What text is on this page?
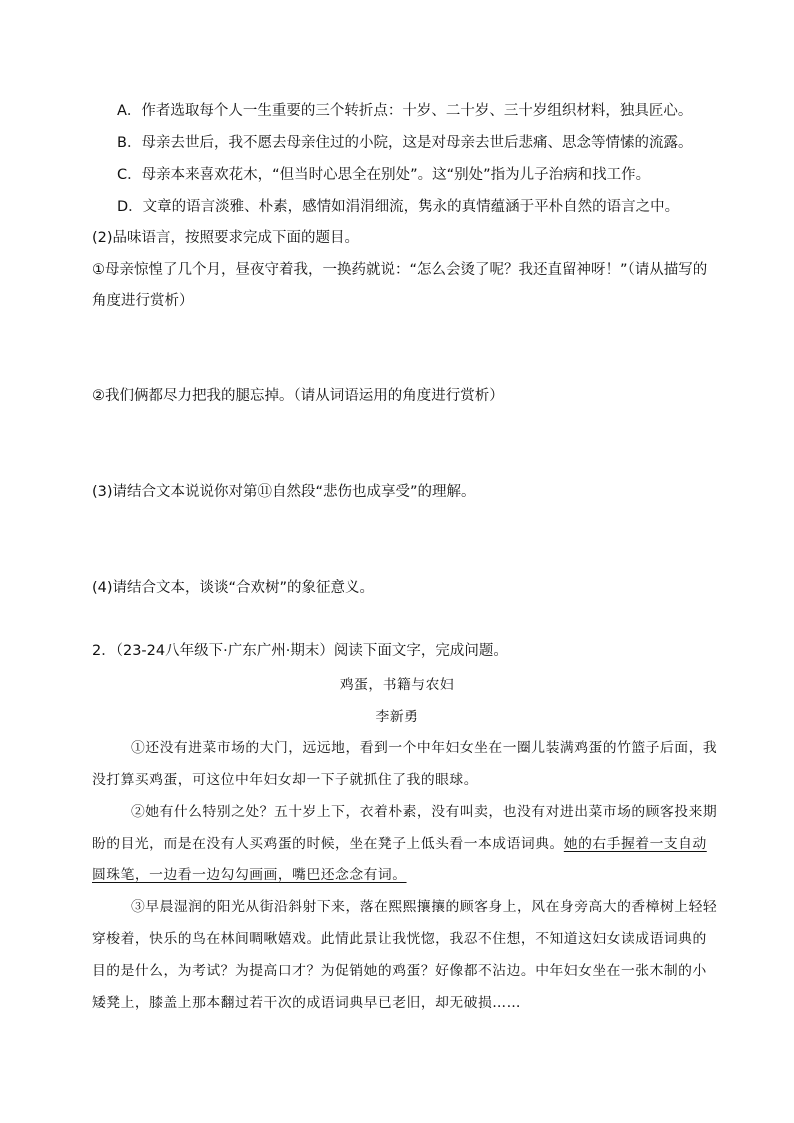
A．作者选取每个人一生重要的三个转折点：十岁、二十岁、三十岁组织材料，独具匠心。
B．母亲去世后，我不愿去母亲住过的小院，这是对母亲去世后悲痛、思念等情愫的流露。
C．母亲本来喜欢花木，“但当时心思全在别处”。这“别处”指为儿子治病和找工作。
D．文章的语言淡雅、朴素，感情如涓涓细流，隽永的真情蕴涵于平朴自然的语言之中。
(2)品味语言，按照要求完成下面的题目。
①母亲惊惶了几个月，昼夜守着我，一换药就说：“怎么会烫了呢？我还直留神呀！”（请从描写的
角度进行赏析）
②我们俩都尽力把我的腿忘掉。（请从词语运用的角度进行赏析）
(3)请结合文本说说你对第⑪自然段“悲伤也成享受”的理解。
(4)请结合文本，谈谈“合欢树”的象征意义。
2．（23-24八年级下·广东广州·期末）阅读下面文字，完成问题。
鸡蛋，书籍与农妇
李新勇
①还没有进菜市场的大门，远远地，看到一个中年妇女坐在一圈儿装满鸡蛋的竹篮子后面，我
没打算买鸡蛋，可这位中年妇女却一下子就抓住了我的眼球。
②她有什么特别之处？五十岁上下，衣着朴素，没有叫卖，也没有对进出菜市场的顾客投来期
盼的目光，而是在没有人买鸡蛋的时候，坐在凳子上低头看一本成语词典。她的右手握着一支自动
圆珠笔，一边看一边勾勾画画，嘴巴还念念有词。
③早晨湿润的阳光从街沿斜射下来，落在熙熙攘攘的顾客身上，风在身旁高大的香樟树上轻轻
穿梭着，快乐的鸟在林间啁啾嬉戏。此情此景让我恍惚，我忍不住想，不知道这妇女读成语词典的
目的是什么，为考试？为提高口才？为促销她的鸡蛋？好像都不沾边。中年妇女坐在一张木制的小
矮凳上，膝盖上那本翻过若干次的成语词典早已老旧，却无破损……
